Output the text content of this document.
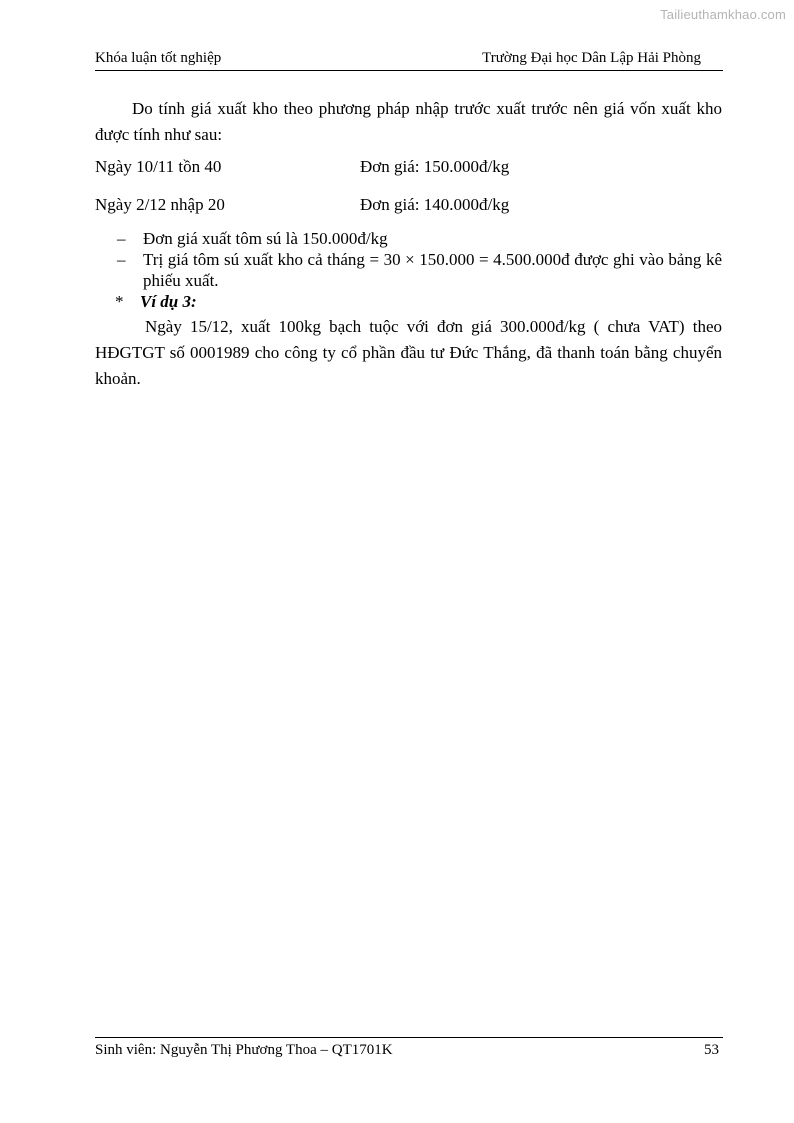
Tailieuthamkhao.com
Khóa luận tốt nghiệp	Trường Đại học Dân Lập Hải Phòng

Do tính giá xuất kho theo phương pháp nhập trước xuất trước nên giá vốn xuất kho được tính như sau:

Ngày 10/11 tồn 40	Đơn giá: 150.000đ/kg
Ngày 2/12 nhập 20	Đơn giá: 140.000đ/kg
– Đơn giá xuất tôm sú là 150.000đ/kg
– Trị giá tôm sú xuất kho cả tháng = 30 × 150.000 = 4.500.000đ được ghi vào bảng kê phiếu xuất.
* Ví dụ 3:

Ngày 15/12, xuất 100kg bạch tuộc với đơn giá 300.000đ/kg ( chưa VAT) theo HĐGTGT số 0001989 cho công ty cổ phần đầu tư Đức Thắng, đã thanh toán bằng chuyển khoản.

Sinh viên: Nguyễn Thị Phương Thoa – QT1701K	53
